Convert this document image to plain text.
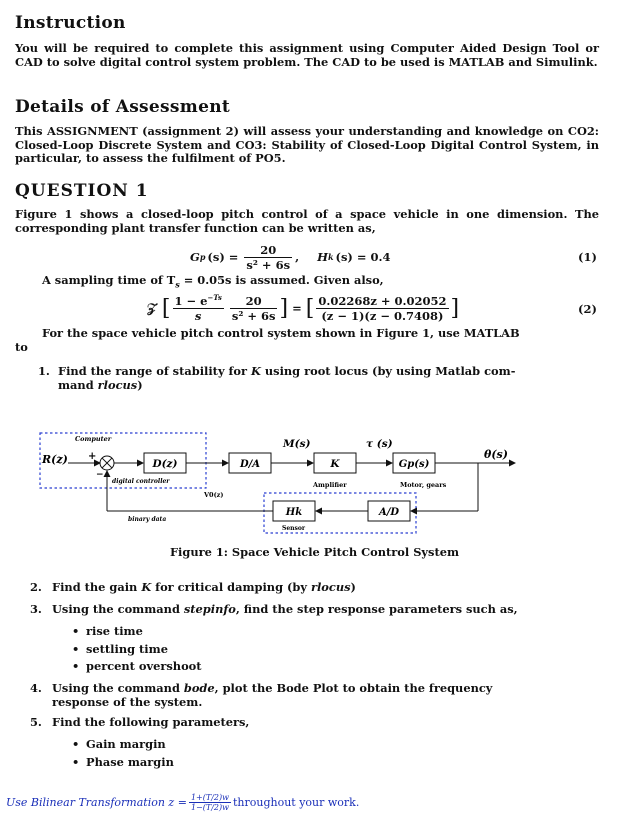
Instruction

You will be required to complete this assignment using Computer Aided Design Tool or CAD to solve digital control system problem. The CAD to be used is MATLAB and Simulink.

Details of Assessment

This ASSIGNMENT (assignment 2) will assess your understanding and knowledge on CO2: Closed-Loop Discrete System and CO3: Stability of Closed-Loop Digital Control System, in particular, to assess the fulfilment of PO5.

QUESTION 1

Figure 1 shows a closed-loop pitch control of a space vehicle in one dimension. The corresponding plant transfer function can be written as,

G p $(s) = \frac{20}{\text{s² + 6s}}$ , H k (s) = 0.4	(1)
A sampling time of $T_s = 0.05s$ is assumed. Given also,
𝒵 [ $\frac{1 - e^{-Ts}}{s} \frac{20}{\text{s² + 6s}}$ ] = [ $\frac{0.02268z + 0.02052}{(z - 1)(z - 0.7408)}$ ]	(2)
For the space vehicle pitch control system shown in Figure 1, use MATLAB
to
1. Find the range of stability for K using root locus (by using Matlab com-
mand rlocus)
Computer
R(z) +
−
D(z)
digital controller
D/A
M(s)
K
Amplifier
τ (s)
Gp(s)
Motor, gears
θ(s)
A/D
Hk
Sensor
V0(z)
binary data
Figure 1: Space Vehicle Pitch Control System
2. Find the gain K for critical damping (by rlocus)
3. Using the command stepinfo, find the step response parameters such as,
• rise time
• settling time
• percent overshoot
4. Using the command bode, plot the Bode Plot to obtain the frequency
response of the system.
5. Find the following parameters,
• Gain margin
• Phase margin
Use Bilinear Transformation $z = \frac{1+(T/2)w}{1-(T/2)w}$ throughout your work.
